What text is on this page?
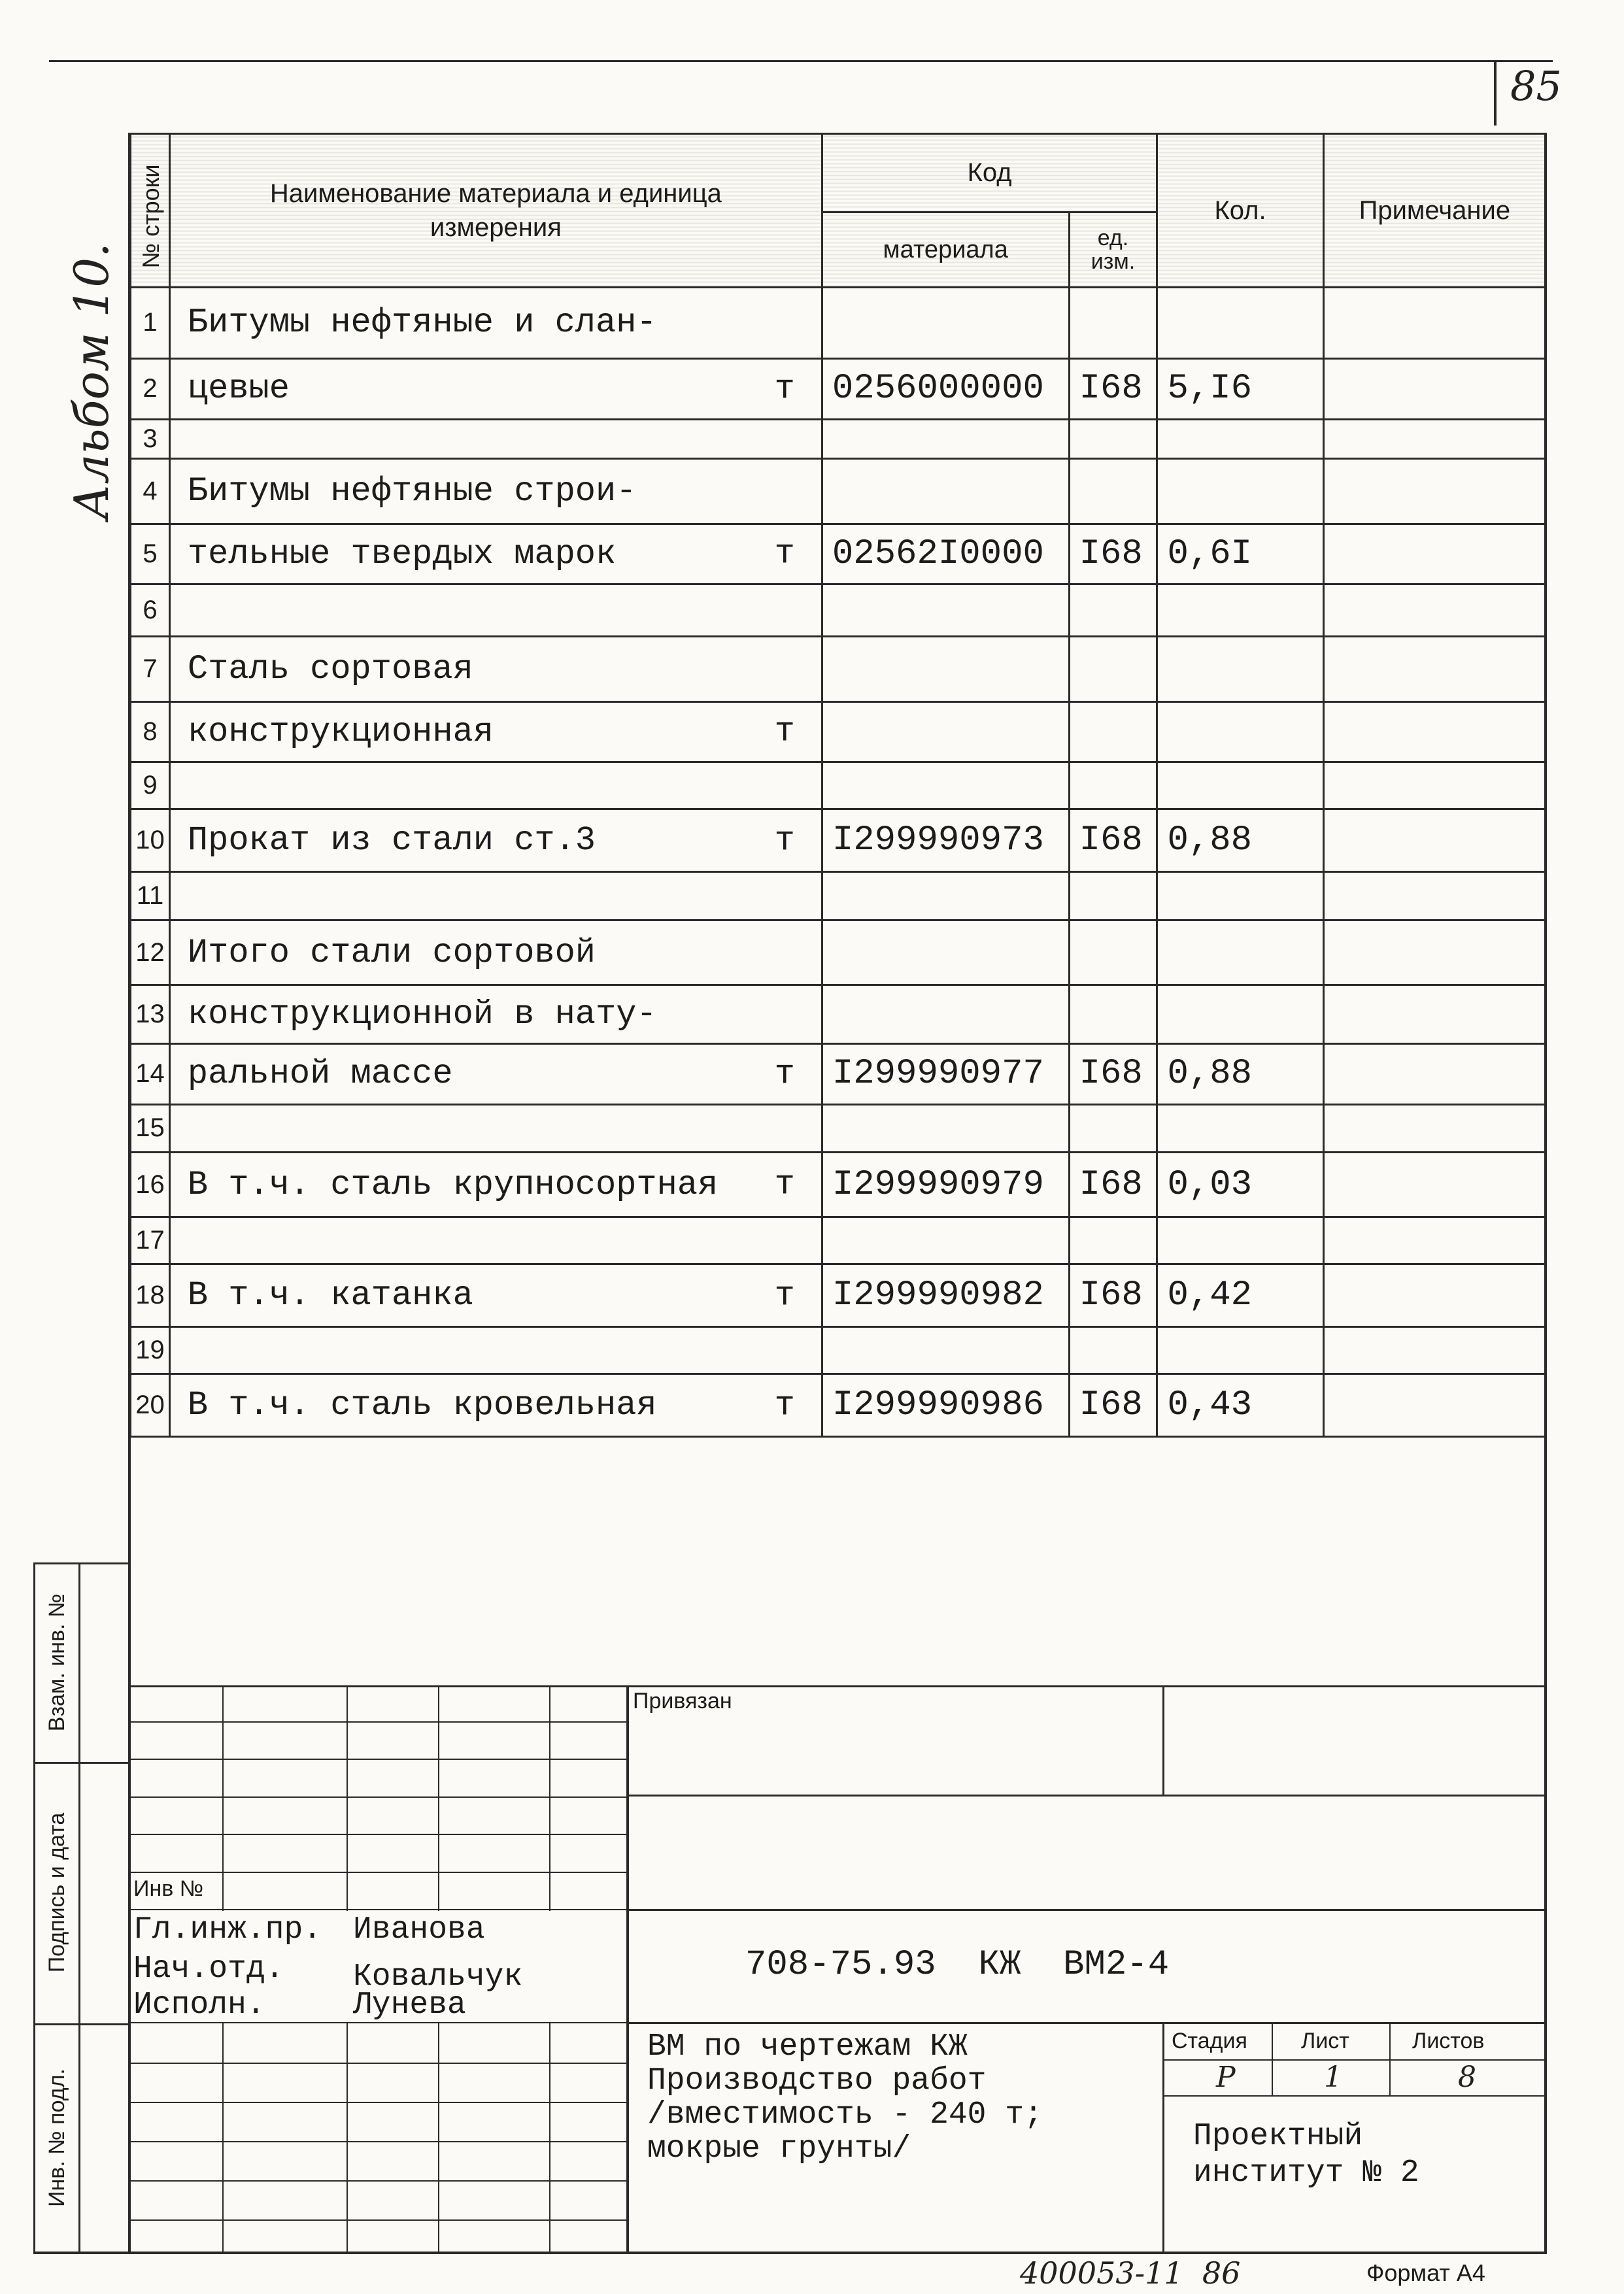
85
Альбом 10.
№ строки	Наименование материала и единица измерения	Код		Кол.	Примечание
		материала	ед. изм.		
1	Битумы нефтяные и слан-

2	цевые т	0256000000	I68	5,I6	
3	

4	Битумы нефтяные строи-

5	тельные твердых марок т	02562I0000	I68	0,6I	
6	

7	Сталь сортовая

8	конструкционная т				

9	

10	Прокат из стали ст.3 т	I299990973	I68	0,88	
11	

12	Итого стали сортовой

13	конструкционной в нату-

14	ральной массе т	I299990977	I68	0,88	
15	

16	В т.ч. сталь крупносортная т	I299990979	I68	0,03	
17	

18	В т.ч. катанка т	I299990982	I68	0,42	
19	

20	В т.ч. сталь кровельная т	I299990986	I68	0,43	
Взам. инв. №
Подпись и дата
Инв. № подл.
Привязан
Инв №
Гл.инж.пр. Иванова
Нач.отд. Ковальчук
Исполн.	Лунева
708-75.93  КЖ  ВМ2-4
ВМ по чертежам КЖ
Производство работ
/вместимость - 240 т;
мокрые грунты/
Стадия Лист	Листов
Р	1	8
Проектный
институт № 2
400053-11  86	Формат А4
